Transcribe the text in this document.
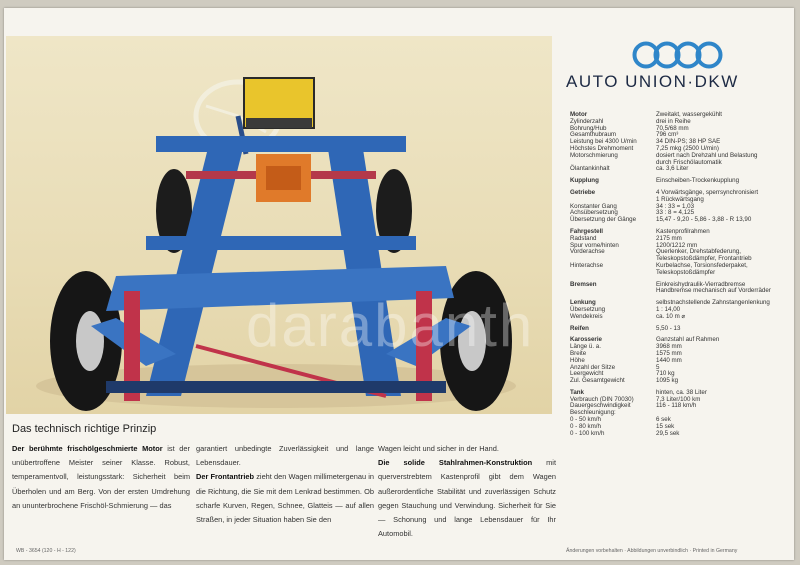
darabanth
AUTO UNION·DKW
Motor	Zweitakt, wassergekühlt
Zylinderzahl	drei in Reihe
Bohrung/Hub	70,5/68 mm
Gesamthubraum	796 cm³
Leistung bei 4300 U/min	34 DIN-PS; 38 HP SAE
Höchstes Drehmoment	7,25 mkg (2500 U/min)
Motorschmierung	dosiert nach Drehzahl und Belastung
durch Frischölautomatik
Ölantankinhalt	ca. 3,6 Liter
Kupplung	Einscheiben-Trockenkupplung
Getriebe	4 Vorwärtsgänge, sperrsynchronisiert
1 Rückwärtsgang
Konstanter Gang	34 : 33 = 1,03
Achsübersetzung	33 : 8 = 4,125
Übersetzung der Gänge	15,47 - 9,20 - 5,86 - 3,88 - R 13,90
Fahrgestell	Kastenprofilrahmen
Radstand	2175 mm
Spur vorne/hinten	1200/1212 mm
Vorderachse	Querlenker, Drehstabfederung,
Teleskopstoßdämpfer, Frontantrieb
Hinterachse	Kurbelachse, Torsionsfederpaket,
Teleskopstoßdämpfer
Bremsen	Einkreishydraulik-Vierradbremse
Handbremse mechanisch auf Vorderräder
Lenkung	selbstnachstellende Zahnstangenlenkung
Übersetzung	1 : 14,00
Wendekreis	ca. 10 m ⌀
Reifen	5,50 - 13
Karosserie	Ganzstahl auf Rahmen
Länge ü. a.	3968 mm
Breite	1575 mm
Höhe	1440 mm
Anzahl der Sitze	5
Leergewicht	710 kg
Zul. Gesamtgewicht	1095 kg
Tank	hinten, ca. 38 Liter
Verbrauch (DIN 70030)	7,3 Liter/100 km
Dauergeschwindigkeit	116 - 118 km/h
Beschleunigung:
0 - 50 km/h	6 sek
0 - 80 km/h	15 sek
0 - 100 km/h	29,5 sek
Das technisch richtige Prinzip
Der berühmte frischölgeschmierte Motor ist der unübertroffene Meister seiner Klasse. Robust, temperamentvoll, leistungsstark: Sicherheit beim Überholen und am Berg. Von der ersten Umdrehung an ununterbrochene Frischöl-Schmierung — das
garantiert unbedingte Zuverlässigkeit und lange Lebensdauer.
Der Frontantrieb zieht den Wagen millimetergenau in die Richtung, die Sie mit dem Lenkrad bestimmen. Ob scharfe Kurven, Regen, Schnee, Glatteis — auf allen Straßen, in jeder Situation haben Sie den
Wagen leicht und sicher in der Hand.
Die solide Stahlrahmen-Konstruktion mit querverstrebtem Kastenprofil gibt dem Wagen außerordentliche Stabilität und zuverlässigen Schutz gegen Stauchung und Verwindung. Sicherheit für Sie — Schonung und lange Lebensdauer für Ihr Automobil.
WB - 3654 (120 - H - 122)	Änderungen vorbehalten · Abbildungen unverbindlich · Printed in Germany
